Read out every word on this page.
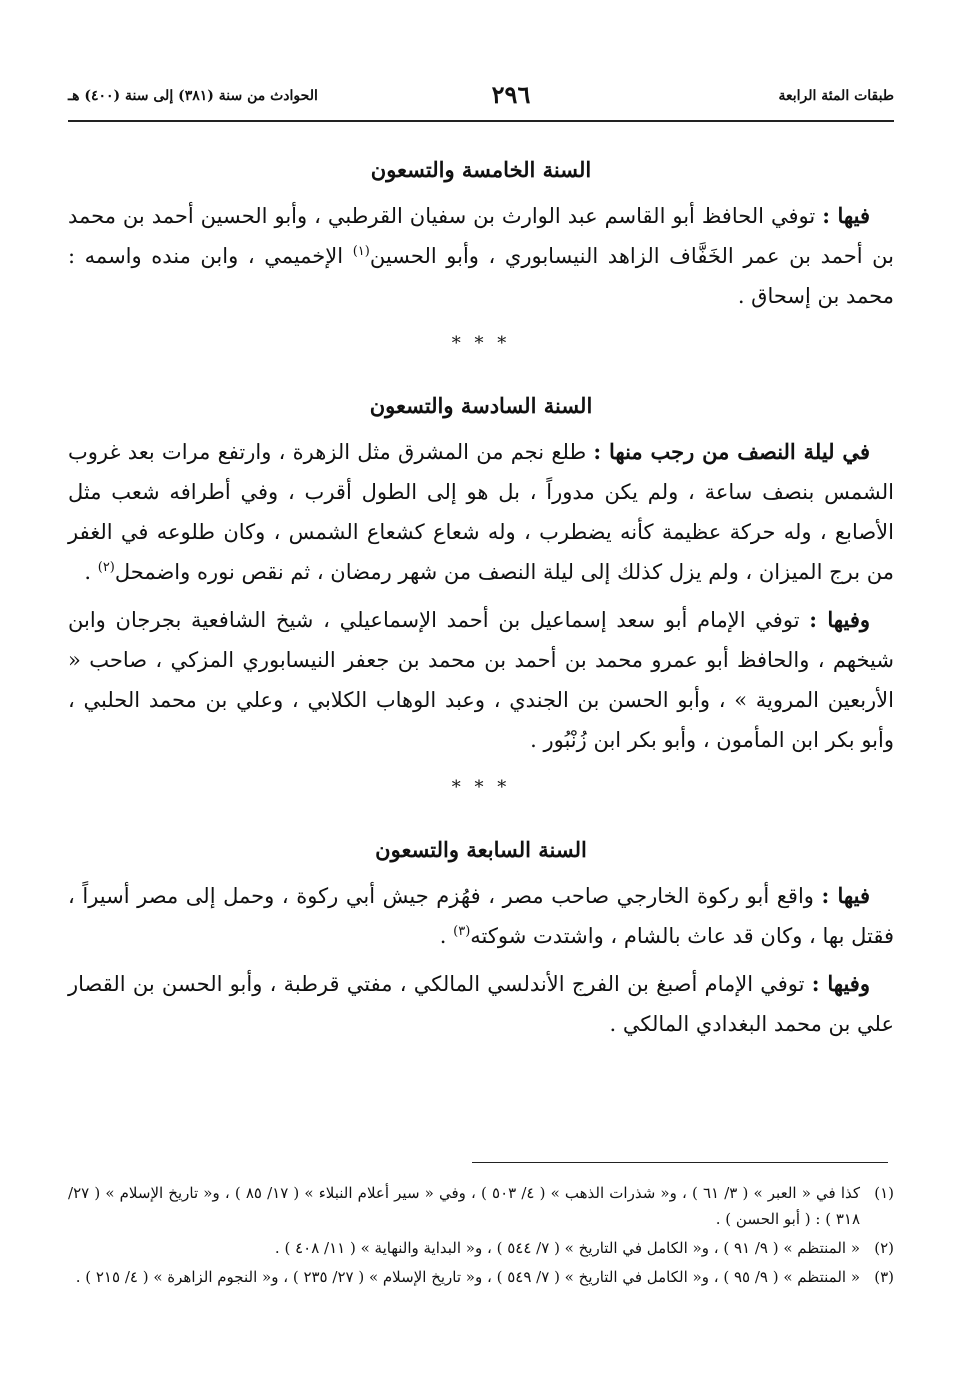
طبقات المئة الرابعة
٢٩٦
الحوادث من سنة (٣٨١) إلى سنة (٤٠٠) هـ
السنة الخامسة والتسعون

فيها : توفي الحافظ أبو القاسم عبد الوارث بن سفيان القرطبي ، وأبو الحسين أحمد بن محمد بن أحمد بن عمر الخَفَّاف الزاهد النيسابوري ، وأبو الحسين$^{(١)}$ الإخميمي ، وابن منده واسمه : محمد بن إسحاق .

* * *
السنة السادسة والتسعون

في ليلة النصف من رجب منها : طلع نجم من المشرق مثل الزهرة ، وارتفع مرات بعد غروب الشمس بنصف ساعة ، ولم يكن مدوراً ، بل هو إلى الطول أقرب ، وفي أطرافه شعب مثل الأصابع ، وله حركة عظيمة كأنه يضطرب ، وله شعاع كشعاع الشمس ، وكان طلوعه في الغفر من برج الميزان ، ولم يزل كذلك إلى ليلة النصف من شهر رمضان ، ثم نقص نوره واضمحل$^{(٢)}$ .

وفيها : توفي الإمام أبو سعد إسماعيل بن أحمد الإسماعيلي ، شيخ الشافعية بجرجان وابن شيخهم ، والحافظ أبو عمرو محمد بن أحمد بن محمد بن جعفر النيسابوري المزكي ، صاحب « الأربعين المروية » ، وأبو الحسن بن الجندي ، وعبد الوهاب الكلابي ، وعلي بن محمد الحلبي ، وأبو بكر ابن المأمون ، وأبو بكر ابن زُنْبُور .

* * *
السنة السابعة والتسعون

فيها : واقع أبو ركوة الخارجي صاحب مصر ، فهُزم جيش أبي ركوة ، وحمل إلى مصر أسيراً ، فقتل بها ، وكان قد عاث بالشام ، واشتدت شوكته$^{(٣)}$ .

وفيها : توفي الإمام أصبغ بن الفرج الأندلسي المالكي ، مفتي قرطبة ، وأبو الحسن بن القصار علي بن محمد البغدادي المالكي .

(١)
كذا في « العبر » ( ٣/ ٦١ ) ، و« شذرات الذهب » ( ٤/ ٥٠٣ ) ، وفي « سير أعلام النبلاء » ( ١٧/ ٨٥ ) ، و« تاريخ الإسلام » ( ٢٧/ ٣١٨ ) : ( أبو الحسن ) .
(٢)
« المنتظم » ( ٩/ ٩١ ) ، و« الكامل في التاريخ » ( ٧/ ٥٤٤ ) ، و« البداية والنهاية » ( ١١/ ٤٠٨ ) .
(٣)
« المنتظم » ( ٩/ ٩٥ ) ، و« الكامل في التاريخ » ( ٧/ ٥٤٩ ) ، و« تاريخ الإسلام » ( ٢٧/ ٢٣٥ ) ، و« النجوم الزاهرة » ( ٤/ ٢١٥ ) .
